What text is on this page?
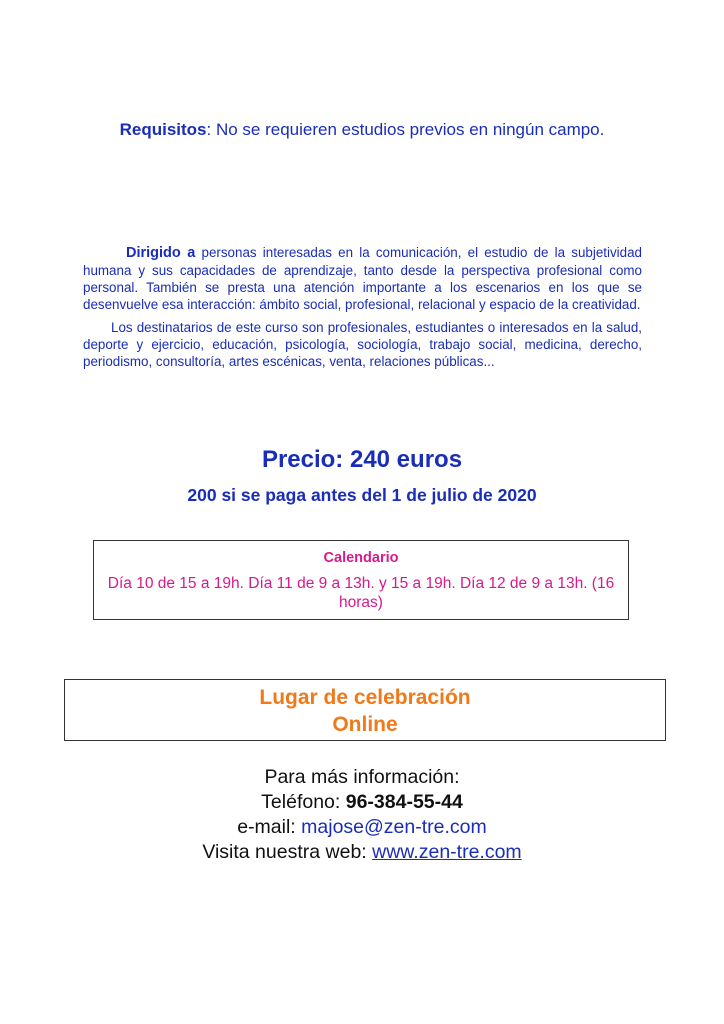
Requisitos: No se requieren estudios previos en ningún campo.

Dirigido a personas interesadas en la comunicación, el estudio de la subjetividad humana y sus capacidades de aprendizaje, tanto desde la perspectiva profesional como personal. También se presta una atención importante a los escenarios en los que se desenvuelve esa interacción: ámbito social, profesional, relacional y espacio de la creatividad.

Los destinatarios de este curso son profesionales, estudiantes o interesados en la salud, deporte y ejercicio, educación, psicología, sociología, trabajo social, medicina, derecho, periodismo, consultoría, artes escénicas, venta, relaciones públicas...

Precio: 240 euros
200 si se paga antes del 1 de julio de 2020
Calendario
Día 10 de 15 a 19h. Día 11 de 9 a 13h. y 15 a 19h. Día 12 de 9 a 13h. (16 horas)
Lugar de celebración
Online
Para más información:
Teléfono: 96-384-55-44
e-mail: majose@zen-tre.com
Visita nuestra web: www.zen-tre.com
